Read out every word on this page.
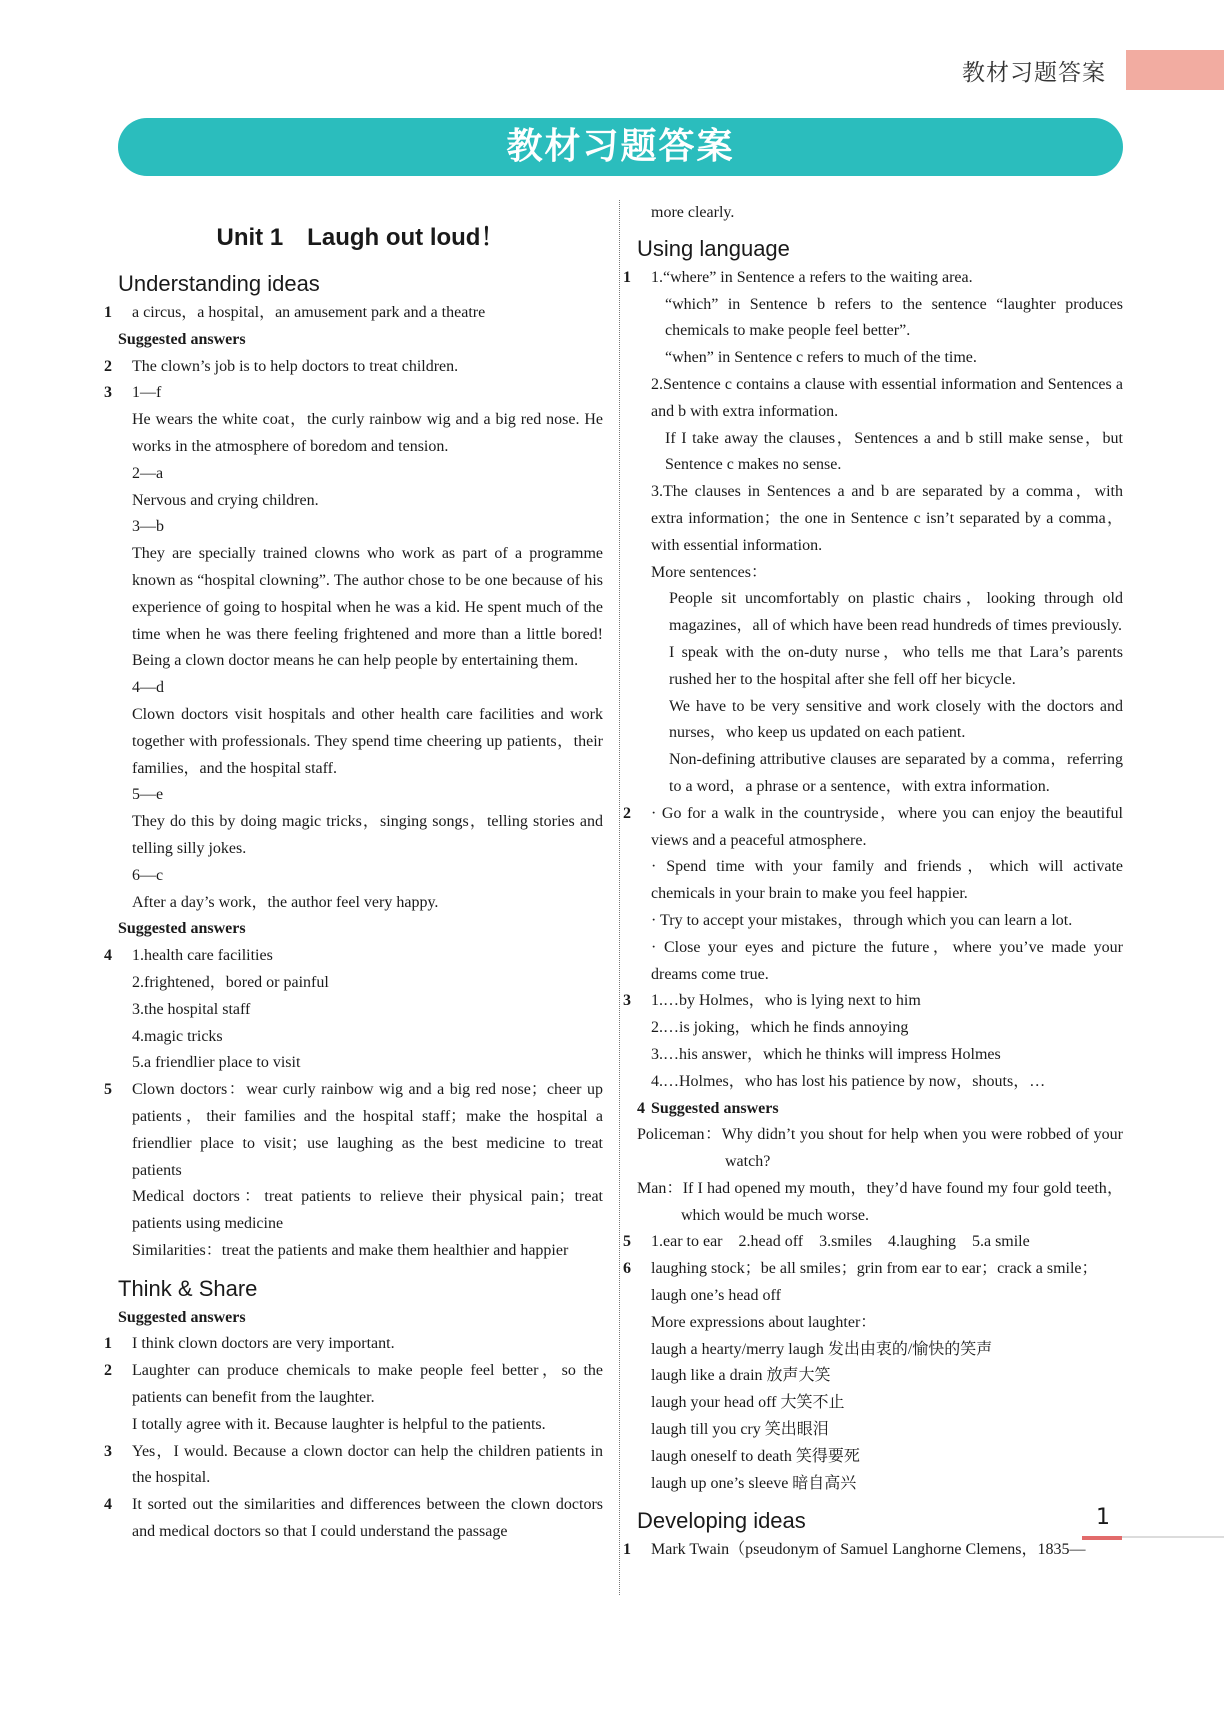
教材习题答案
教材习题答案
Unit 1　Laugh out loud！
Understanding ideas

1 a circus，a hospital，an amusement park and a theatre

Suggested answers

2 The clown’s job is to help doctors to treat children.

3 1—f

He wears the white coat，the curly rainbow wig and a big red nose. He works in the atmosphere of boredom and tension.

2—a

Nervous and crying children.

3—b

They are specially trained clowns who work as part of a programme known as “hospital clowning”. The author chose to be one because of his experience of going to hospital when he was a kid. He spent much of the time when he was there feeling frightened and more than a little bored! Being a clown doctor means he can help people by entertaining them.

4—d

Clown doctors visit hospitals and other health care facilities and work together with professionals. They spend time cheering up patients，their families，and the hospital staff.

5—e

They do this by doing magic tricks，singing songs，telling stories and telling silly jokes.

6—c

After a day’s work，the author feel very happy.

Suggested answers

4 1.health care facilities

2.frightened，bored or painful

3.the hospital staff

4.magic tricks

5.a friendlier place to visit

5 Clown doctors：wear curly rainbow wig and a big red nose；cheer up patients，their families and the hospital staff；make the hospital a friendlier place to visit；use laughing as the best medicine to treat patients

Medical doctors：treat patients to relieve their physical pain；treat patients using medicine

Similarities：treat the patients and make them healthier and happier

Think & Share

Suggested answers

1 I think clown doctors are very important.

2 Laughter can produce chemicals to make people feel better，so the patients can benefit from the laughter.

I totally agree with it. Because laughter is helpful to the patients.

3 Yes，I would. Because a clown doctor can help the children patients in the hospital.

4 It sorted out the similarities and differences between the clown doctors and medical doctors so that I could understand the passage

more clearly.

Using language

1 1.“where” in Sentence a refers to the waiting area.

“which” in Sentence b refers to the sentence “laughter produces chemicals to make people feel better”.

“when” in Sentence c refers to much of the time.

2.Sentence c contains a clause with essential information and Sentences a and b with extra information.

If I take away the clauses，Sentences a and b still make sense，but Sentence c makes no sense.

3.The clauses in Sentences a and b are separated by a comma，with extra information；the one in Sentence c isn’t separated by a comma，with essential information.

More sentences：

People sit uncomfortably on plastic chairs，looking through old magazines，all of which have been read hundreds of times previously.

I speak with the on-duty nurse，who tells me that Lara’s parents rushed her to the hospital after she fell off her bicycle.

We have to be very sensitive and work closely with the doctors and nurses，who keep us updated on each patient.

Non-defining attributive clauses are separated by a comma，referring to a word，a phrase or a sentence，with extra information.

2 · Go for a walk in the countryside，where you can enjoy the beautiful views and a peaceful atmosphere.

· Spend time with your family and friends，which will activate chemicals in your brain to make you feel happier.

· Try to accept your mistakes，through which you can learn a lot.

· Close your eyes and picture the future，where you’ve made your dreams come true.

3 1.…by Holmes，who is lying next to him

2.…is joking，which he finds annoying

3.…his answer，which he thinks will impress Holmes

4.…Holmes，who has lost his patience by now，shouts，…

4 Suggested answers

Policeman：Why didn’t you shout for help when you were robbed of your watch?

Man：If I had opened my mouth，they’d have found my four gold teeth，which would be much worse.

5 1.ear to ear　2.head off　3.smiles　4.laughing　5.a smile

6 laughing stock；be all smiles；grin from ear to ear；crack a smile；

laugh one’s head off

More expressions about laughter：

laugh a hearty/merry laugh 发出由衷的/愉快的笑声

laugh like a drain 放声大笑

laugh your head off 大笑不止

laugh till you cry 笑出眼泪

laugh oneself to death 笑得要死

laugh up one’s sleeve 暗自高兴

Developing ideas

1 Mark Twain（pseudonym of Samuel Langhorne Clemens，1835—

1
